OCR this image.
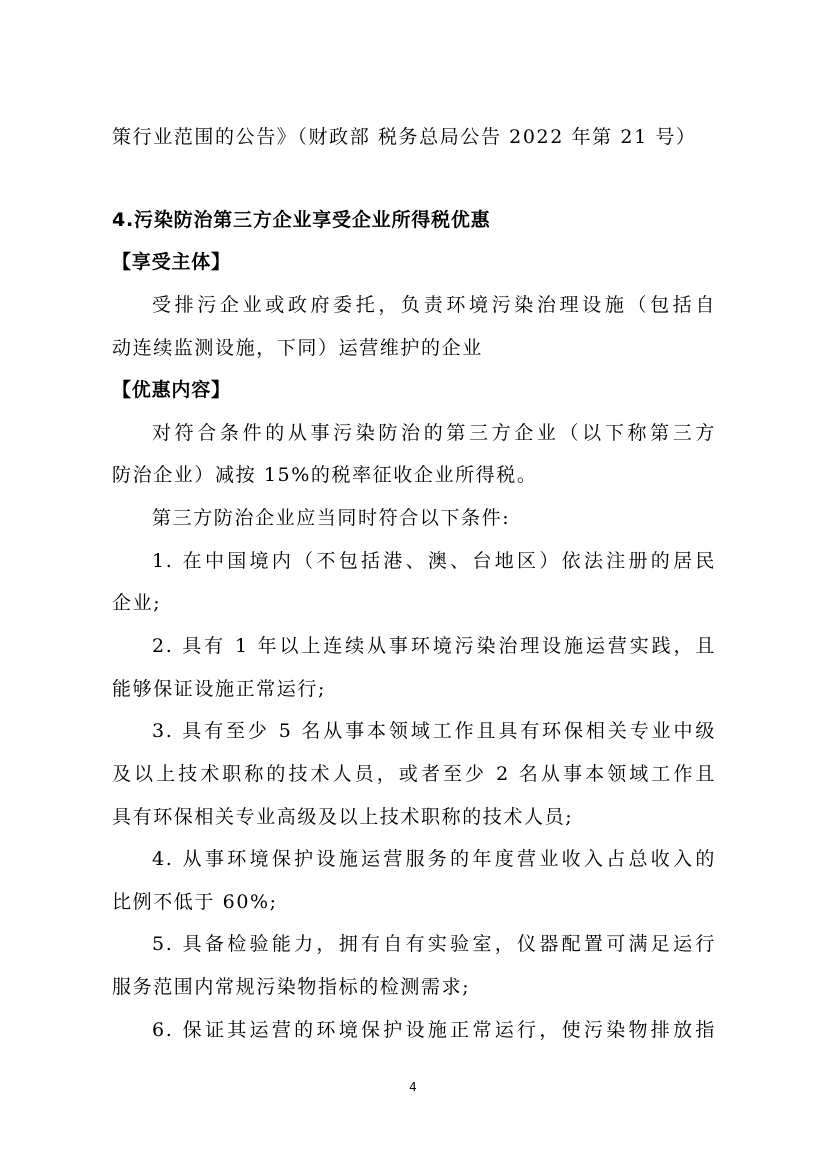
策行业范围的公告》（财政部 税务总局公告 2022 年第 21 号）
4.污染防治第三方企业享受企业所得税优惠
【享受主体】
受排污企业或政府委托，负责环境污染治理设施（包括自
动连续监测设施，下同）运营维护的企业
【优惠内容】
对符合条件的从事污染防治的第三方企业（以下称第三方
防治企业）减按 15%的税率征收企业所得税。
第三方防治企业应当同时符合以下条件:
1. 在中国境内（不包括港、澳、台地区）依法注册的居民
企业;
2. 具有 1 年以上连续从事环境污染治理设施运营实践，且
能够保证设施正常运行;
3. 具有至少 5 名从事本领域工作且具有环保相关专业中级
及以上技术职称的技术人员，或者至少 2 名从事本领域工作且
具有环保相关专业高级及以上技术职称的技术人员;
4. 从事环境保护设施运营服务的年度营业收入占总收入的
比例不低于 60%;
5. 具备检验能力，拥有自有实验室，仪器配置可满足运行
服务范围内常规污染物指标的检测需求;
6. 保证其运营的环境保护设施正常运行，使污染物排放指
4
